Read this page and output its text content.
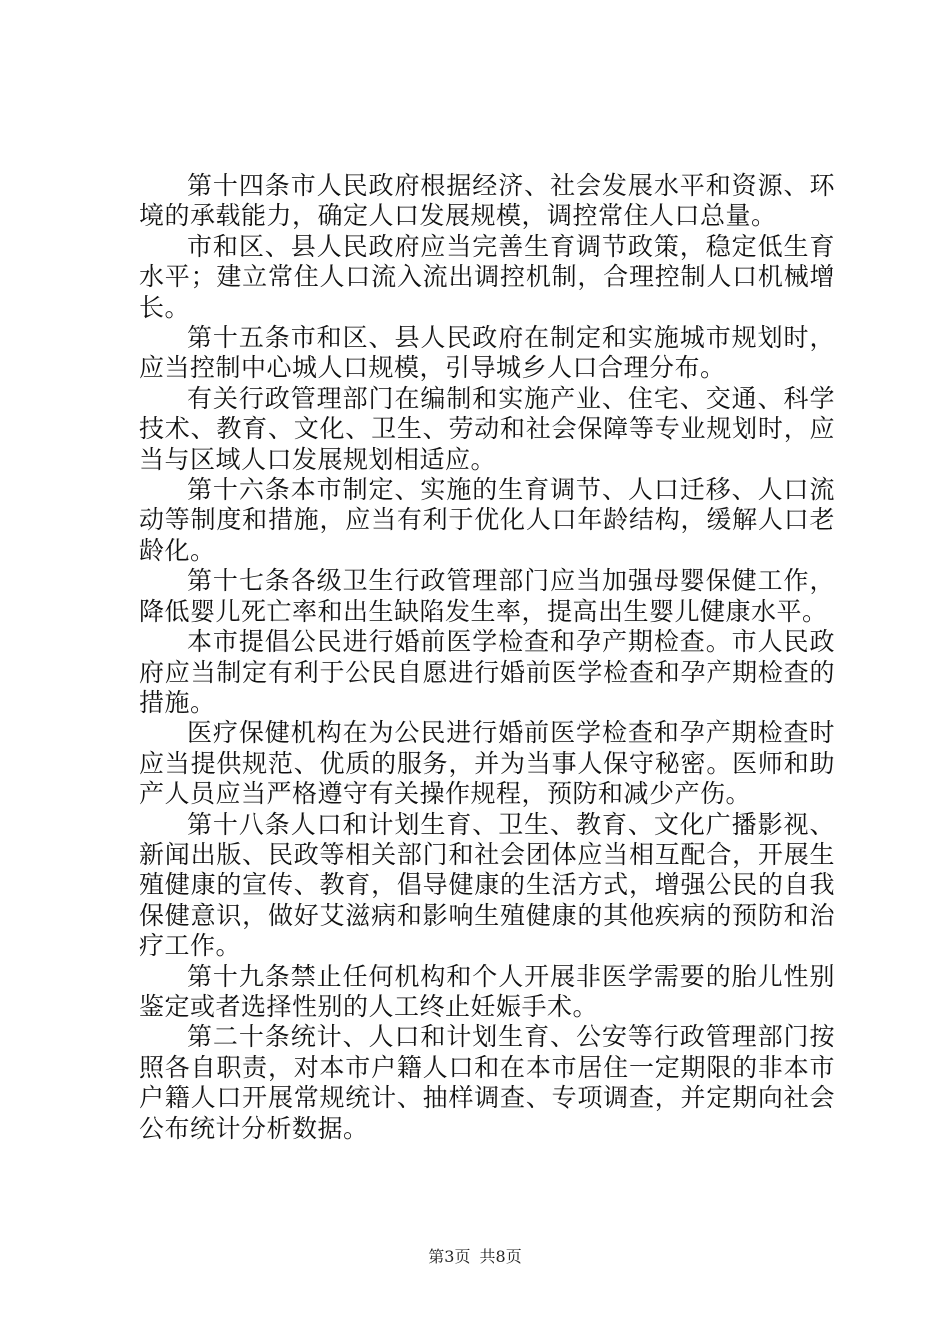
第十四条市人民政府根据经济、社会发展水平和资源、环境的承载能力，确定人口发展规模，调控常住人口总量。

市和区、县人民政府应当完善生育调节政策，稳定低生育水平；建立常住人口流入流出调控机制，合理控制人口机械增长。

第十五条市和区、县人民政府在制定和实施城市规划时，应当控制中心城人口规模，引导城乡人口合理分布。

有关行政管理部门在编制和实施产业、住宅、交通、科学技术、教育、文化、卫生、劳动和社会保障等专业规划时，应当与区域人口发展规划相适应。

第十六条本市制定、实施的生育调节、人口迁移、人口流动等制度和措施，应当有利于优化人口年龄结构，缓解人口老龄化。

第十七条各级卫生行政管理部门应当加强母婴保健工作，降低婴儿死亡率和出生缺陷发生率，提高出生婴儿健康水平。

本市提倡公民进行婚前医学检查和孕产期检查。市人民政府应当制定有利于公民自愿进行婚前医学检查和孕产期检查的措施。

医疗保健机构在为公民进行婚前医学检查和孕产期检查时应当提供规范、优质的服务，并为当事人保守秘密。医师和助产人员应当严格遵守有关操作规程，预防和减少产伤。

第十八条人口和计划生育、卫生、教育、文化广播影视、新闻出版、民政等相关部门和社会团体应当相互配合，开展生殖健康的宣传、教育，倡导健康的生活方式，增强公民的自我保健意识，做好艾滋病和影响生殖健康的其他疾病的预防和治疗工作。

第十九条禁止任何机构和个人开展非医学需要的胎儿性别鉴定或者选择性别的人工终止妊娠手术。

第二十条统计、人口和计划生育、公安等行政管理部门按照各自职责，对本市户籍人口和在本市居住一定期限的非本市户籍人口开展常规统计、抽样调查、专项调查，并定期向社会公布统计分析数据。

第3页 共8页
